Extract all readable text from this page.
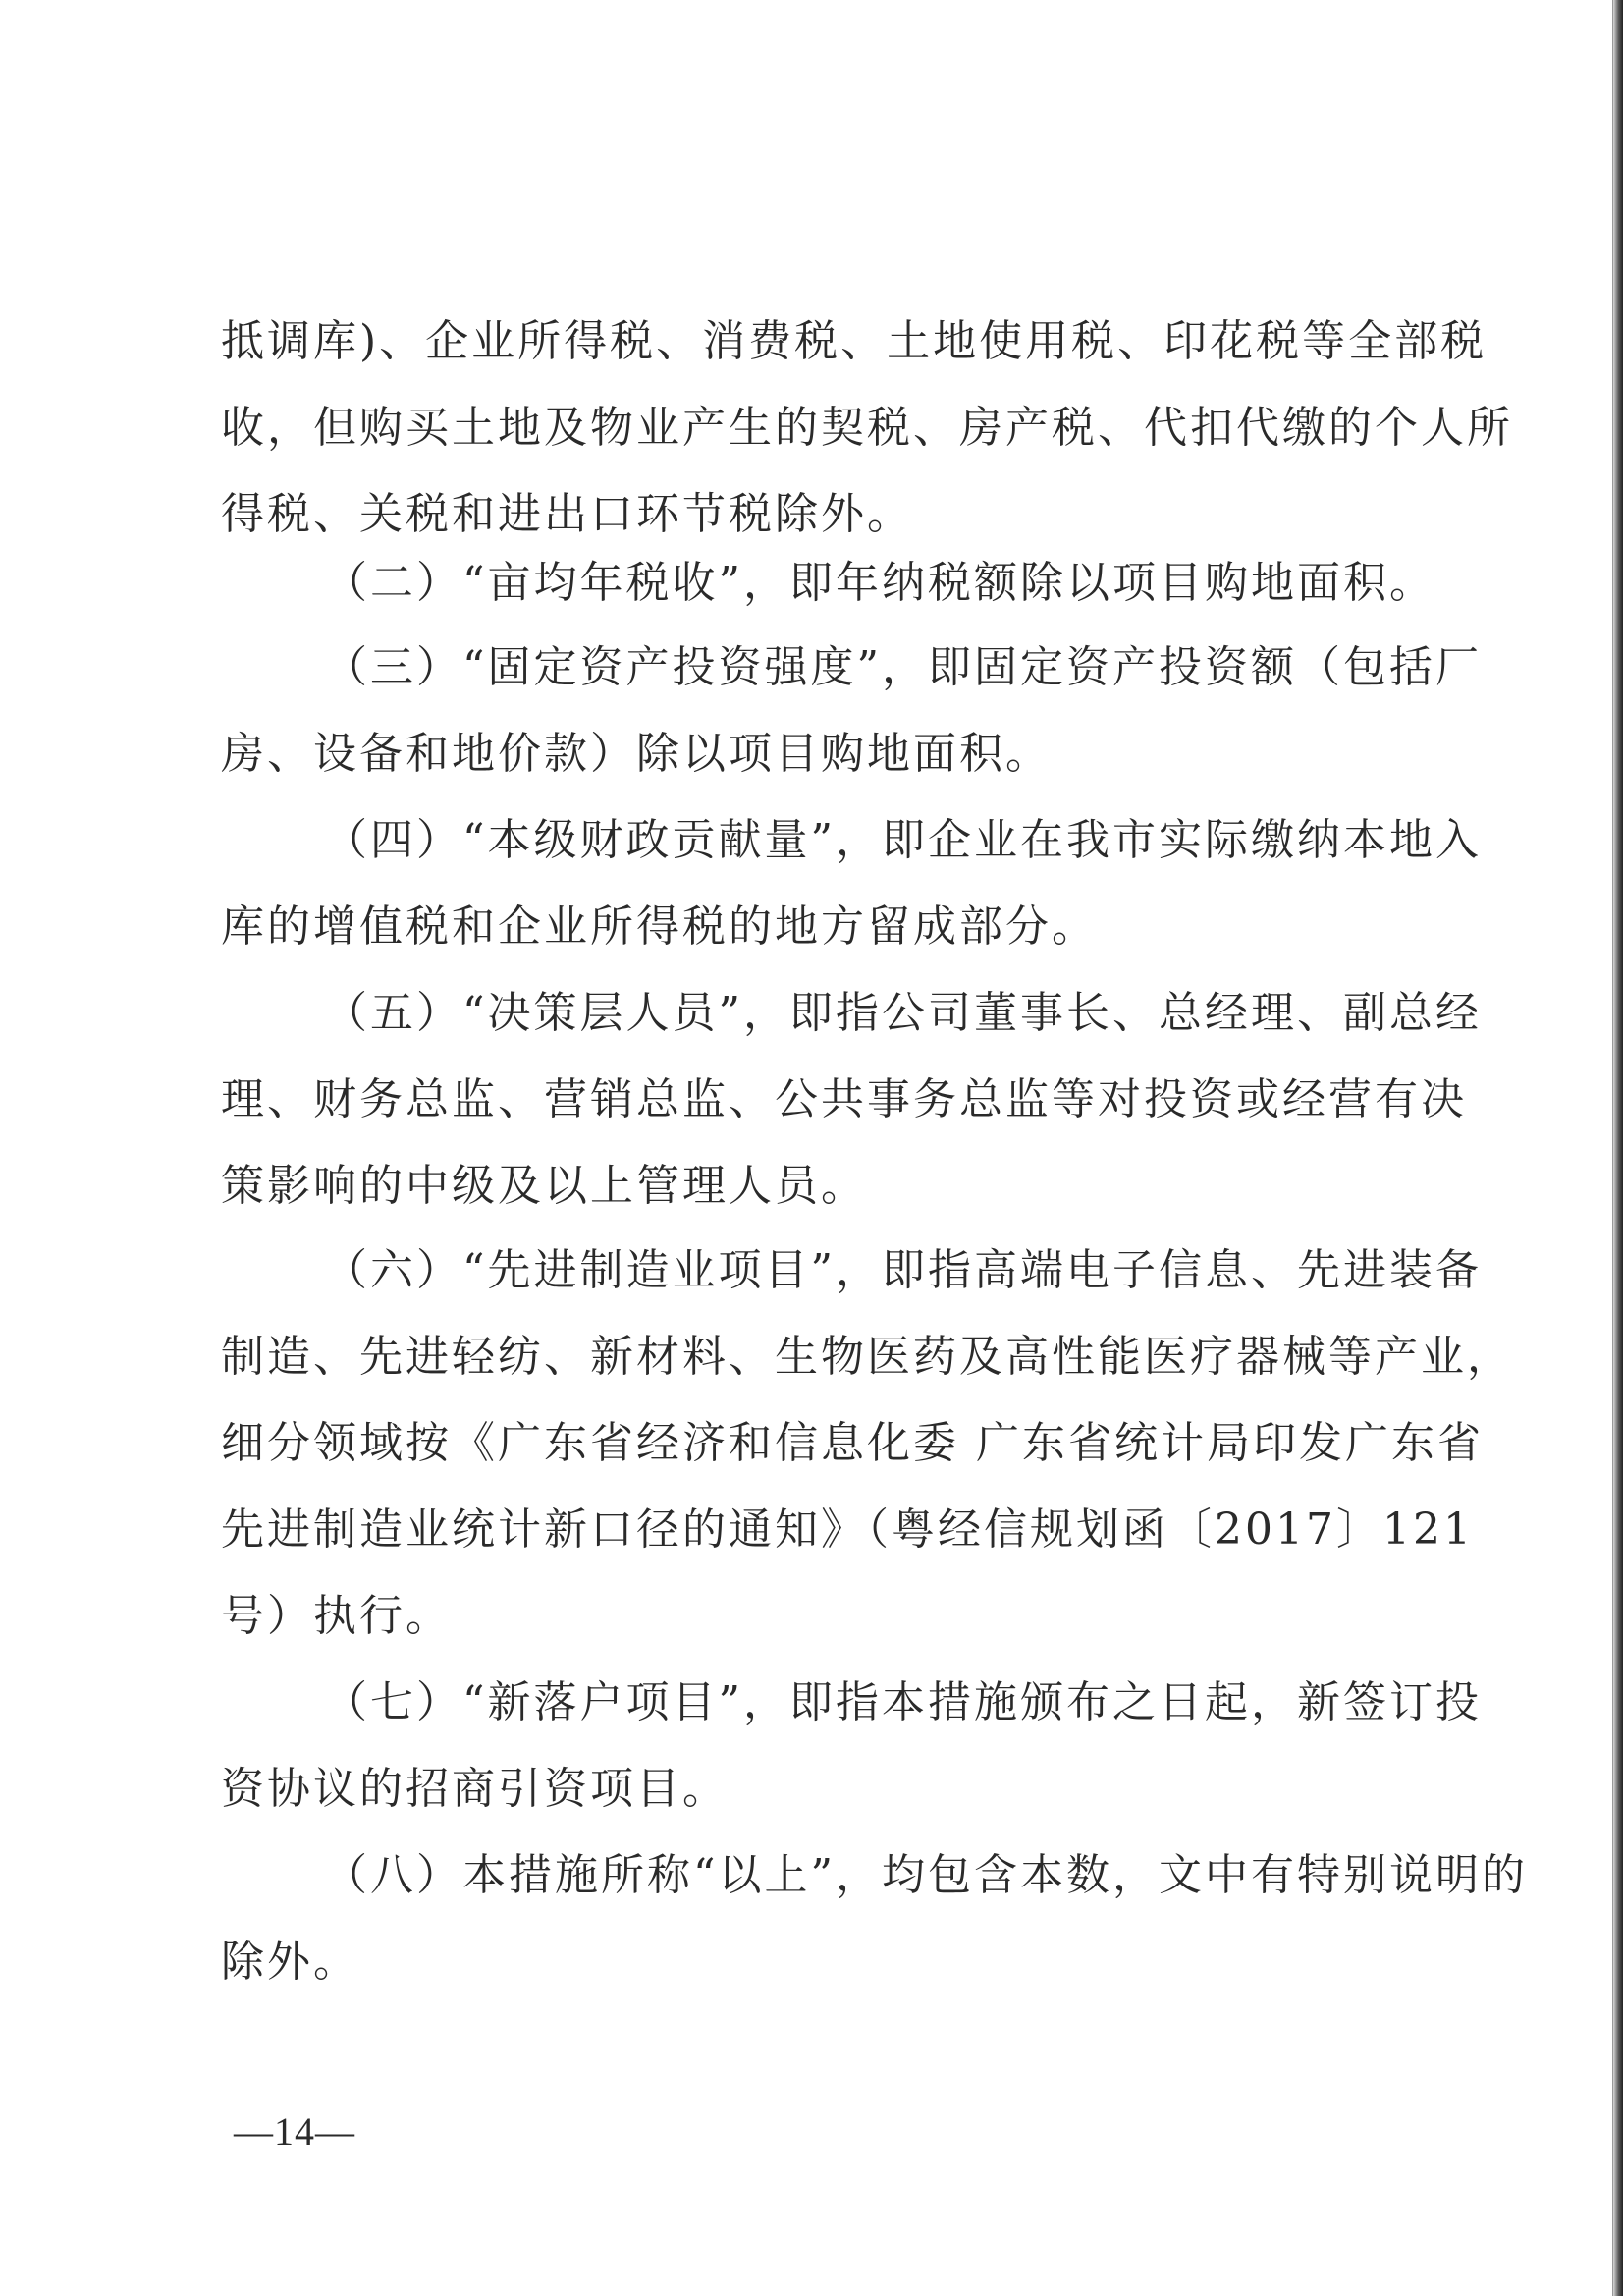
抵调库)、企业所得税、消费税、土地使用税、印花税等全部税
收，但购买土地及物业产生的契税、房产税、代扣代缴的个人所
得税、关税和进出口环节税除外。
（二）“亩均年税收”，即年纳税额除以项目购地面积。
（三）“固定资产投资强度”，即固定资产投资额（包括厂
房、设备和地价款）除以项目购地面积。
（四）“本级财政贡献量”，即企业在我市实际缴纳本地入
库的增值税和企业所得税的地方留成部分。
（五）“决策层人员”，即指公司董事长、总经理、副总经
理、财务总监、营销总监、公共事务总监等对投资或经营有决
策影响的中级及以上管理人员。
（六）“先进制造业项目”，即指高端电子信息、先进装备
制造、先进轻纺、新材料、生物医药及高性能医疗器械等产业，
细分领域按《广东省经济和信息化委 广东省统计局印发广东省
先进制造业统计新口径的通知》（粤经信规划函〔2017〕121
号）执行。
（七）“新落户项目”，即指本措施颁布之日起，新签订投
资协议的招商引资项目。
（八）本措施所称“以上”，均包含本数，文中有特别说明的
除外。
—14—
